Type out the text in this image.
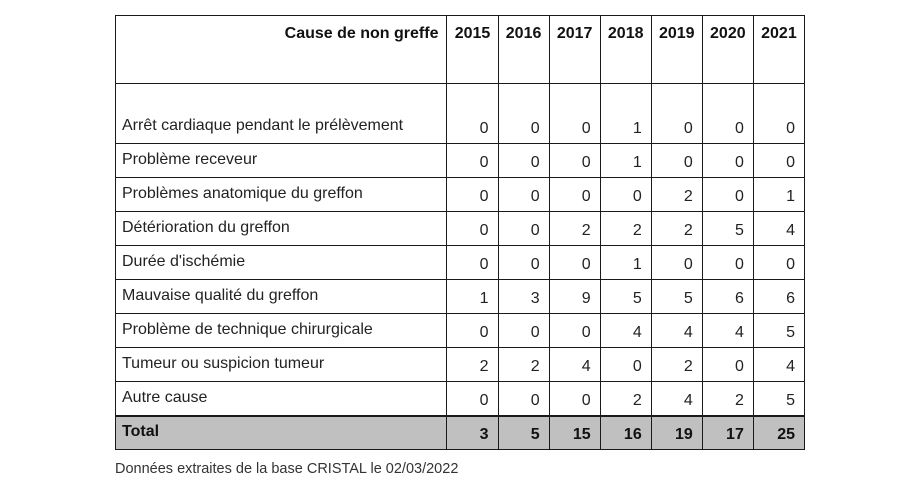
Cause de non greffe	2015	2016	2017	2018	2019	2020	2021
Arrêt cardiaque pendant le prélèvement	0	0	0	1	0	0	0
Problème receveur	0	0	0	1	0	0	0
Problèmes anatomique du greffon	0	0	0	0	2	0	1
Détérioration du greffon	0	0	2	2	2	5	4
Durée d'ischémie	0	0	0	1	0	0	0
Mauvaise qualité du greffon	1	3	9	5	5	6	6
Problème de technique chirurgicale	0	0	0	4	4	4	5
Tumeur ou suspicion tumeur	2	2	4	0	2	0	4
Autre cause	0	0	0	2	4	2	5
Total	3	5	15	16	19	17	25
Données extraites de la base CRISTAL le 02/03/2022
